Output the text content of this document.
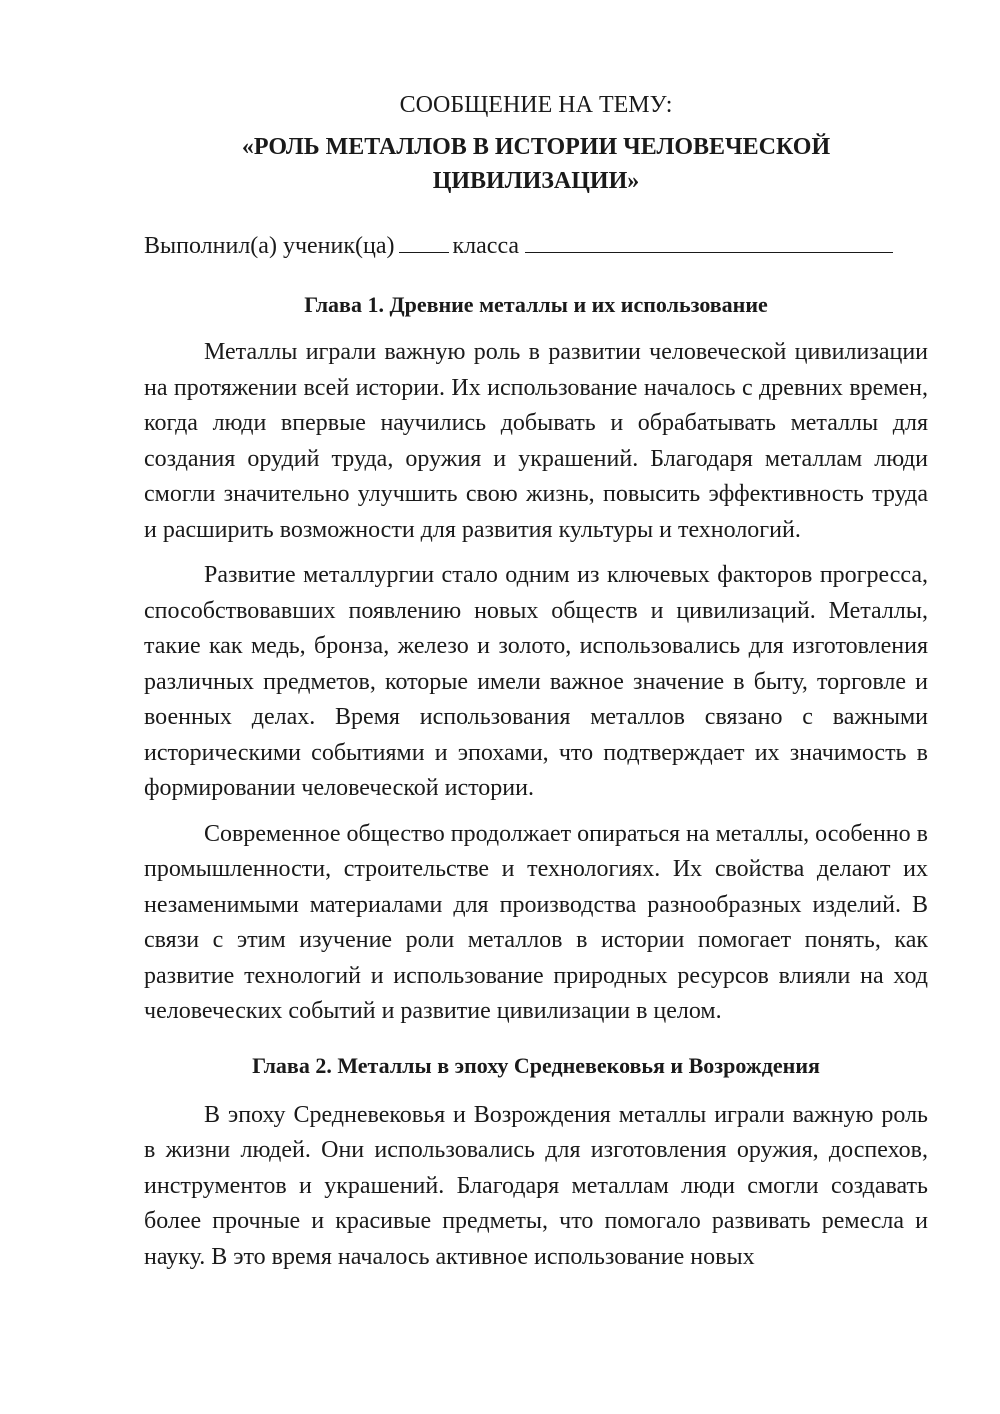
СООБЩЕНИЕ НА ТЕМУ:

«РОЛЬ МЕТАЛЛОВ В ИСТОРИИ ЧЕЛОВЕЧЕСКОЙ ЦИВИЛИЗАЦИИ»

Выполнил(а) ученик(ца) класса

Глава 1. Древние металлы и их использование

Металлы играли важную роль в развитии человеческой цивилизации на протяжении всей истории. Их использование началось с древних времен, когда люди впервые научились добывать и обрабатывать металлы для создания орудий труда, оружия и украшений. Благодаря металлам люди смогли значительно улучшить свою жизнь, повысить эффективность труда и расширить возможности для развития культуры и технологий.

Развитие металлургии стало одним из ключевых факторов прогресса, способствовавших появлению новых обществ и цивилизаций. Металлы, такие как медь, бронза, железо и золото, использовались для изготовления различных предметов, которые имели важное значение в быту, торговле и военных делах. Время использования металлов связано с важными историческими событиями и эпохами, что подтверждает их значимость в формировании человеческой истории.

Современное общество продолжает опираться на металлы, особенно в промышленности, строительстве и технологиях. Их свойства делают их незаменимыми материалами для производства разнообразных изделий. В связи с этим изучение роли металлов в истории помогает понять, как развитие технологий и использование природных ресурсов влияли на ход человеческих событий и развитие цивилизации в целом.

Глава 2. Металлы в эпоху Средневековья и Возрождения

В эпоху Средневековья и Возрождения металлы играли важную роль в жизни людей. Они использовались для изготовления оружия, доспехов, инструментов и украшений. Благодаря металлам люди смогли создавать более прочные и красивые предметы, что помогало развивать ремесла и науку. В это время началось активное использование новых
